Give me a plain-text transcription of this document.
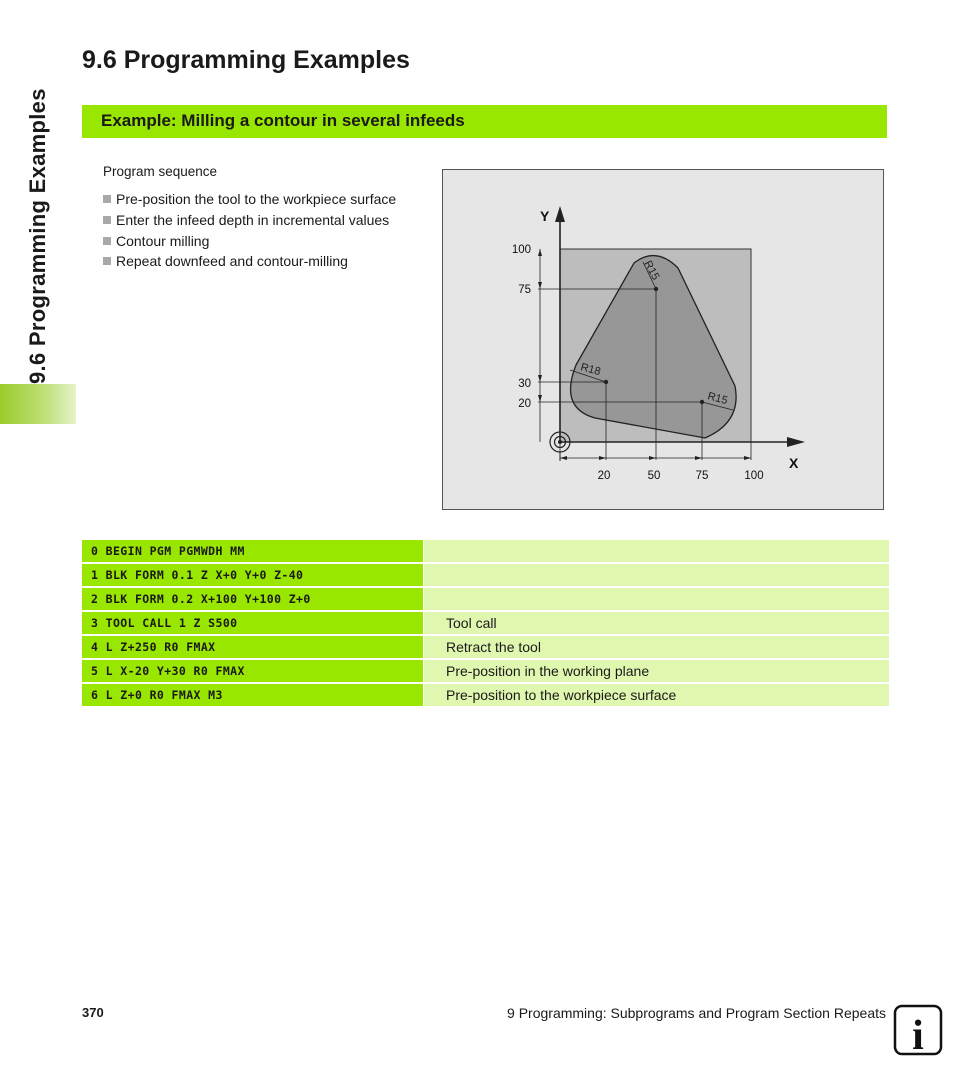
9.6 Programming Examples
9.6 Programming Examples
Example: Milling a contour in several infeeds
Program sequence
Pre-position the tool to the workpiece surface
Enter the infeed depth in incremental values
Contour milling
Repeat downfeed and contour-milling
Y
X
100
75
30
20
20	50	75	100
R15
R18
R15
0 BEGIN PGM PGMWDH MM	
1 BLK FORM 0.1 Z X+0 Y+0 Z-40	
2 BLK FORM 0.2 X+100 Y+100 Z+0	
3 TOOL CALL 1 Z S500	Tool call
4 L Z+250 R0 FMAX	Retract the tool
5 L X-20 Y+30 R0 FMAX	Pre-position in the working plane
6 L Z+0 R0 FMAX M3	Pre-position to the workpiece surface
370	9 Programming: Subprograms and Program Section Repeats i
